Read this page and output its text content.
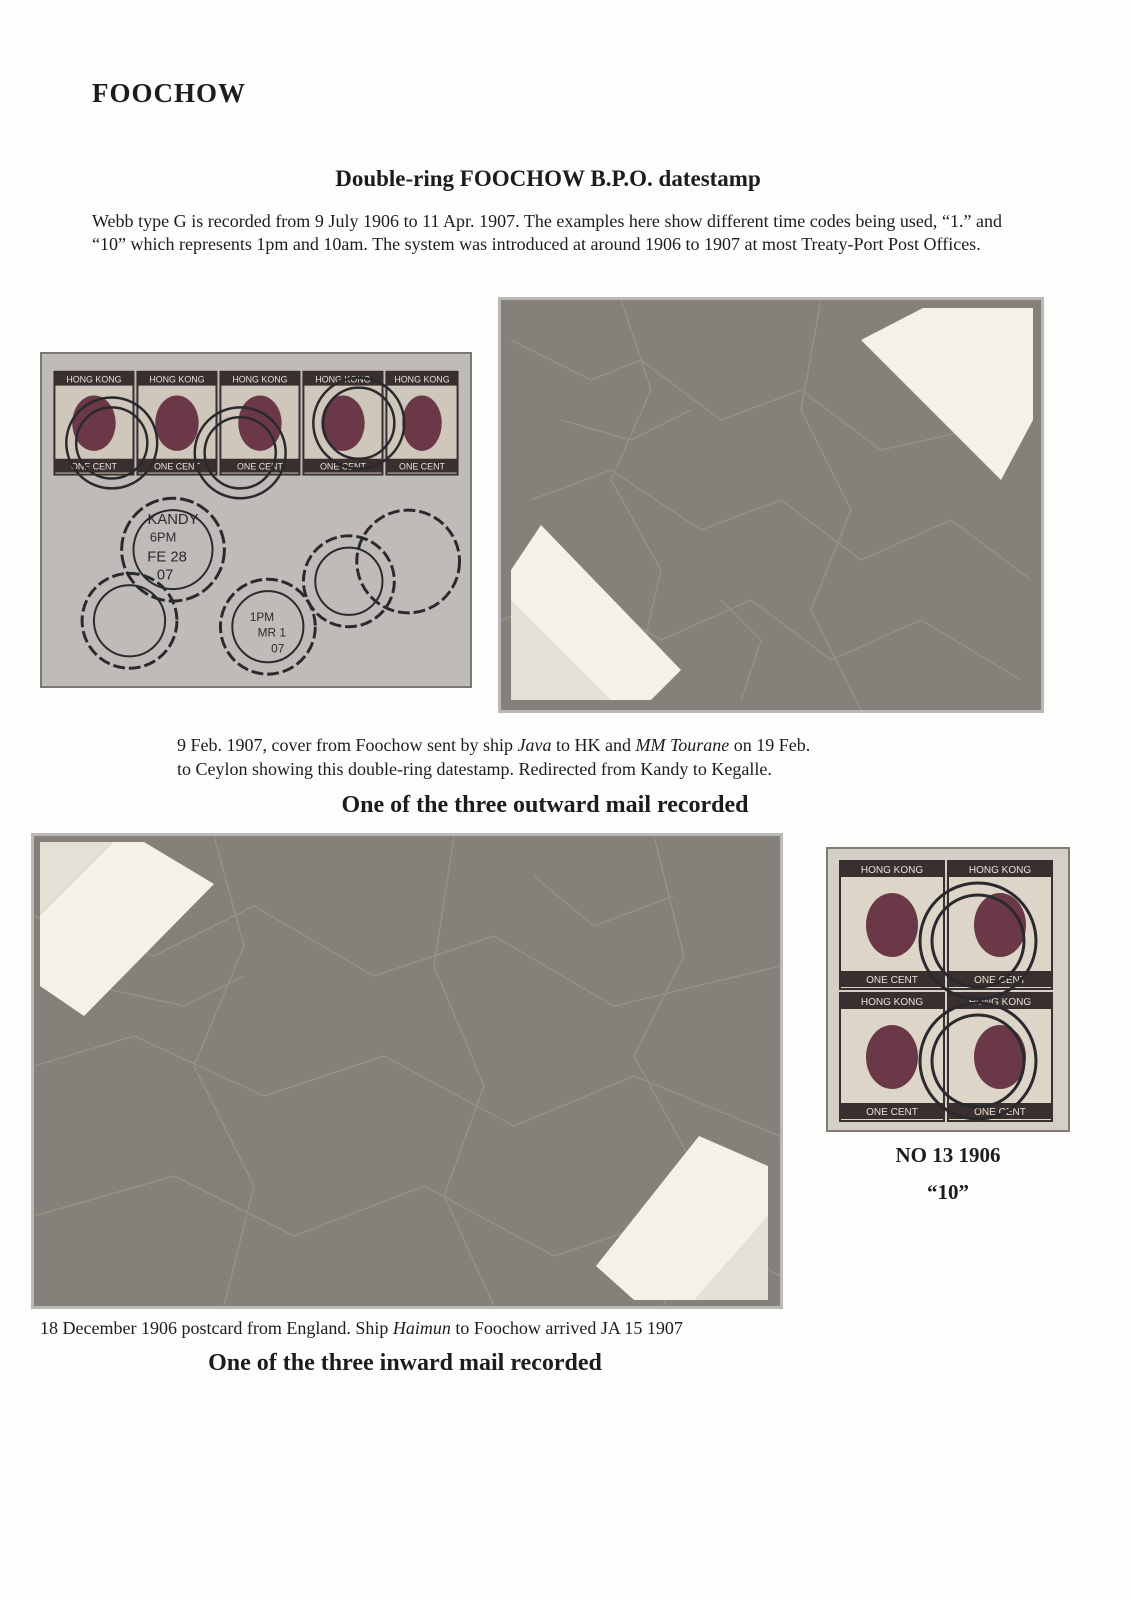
FOOCHOW
Double-ring FOOCHOW B.P.O. datestamp

Webb type G is recorded from 9 July 1906 to 11 Apr. 1907. The examples here show different time codes being used, “1.” and “10” which represents 1pm and 10am. The system was introduced at around 1906 to 1907 at most Treaty-Port Post Offices.

HONG KONG
ONE CENT
HONG KONG
ONE CENT
HONG KONG
ONE CENT
HONG KONG
ONE CENT
HONG KONG
ONE CENT
KANDY
6PM
FE 28
07
1PM
MR 1
07

9 Feb. 1907, cover from Foochow sent by ship Java to HK and MM Tourane on 19 Feb.
to Ceylon showing this double-ring datestamp. Redirected from Kandy to Kegalle.

One of the three outward mail recorded
HONG KONG
ONE CENT
HONG KONG
ONE CENT
HONG KONG
ONE CENT
HONG KONG
ONE CENT

NO 13 1906

“10”

18 December 1906 postcard from England. Ship Haimun to Foochow arrived JA 15 1907

One of the three inward mail recorded
